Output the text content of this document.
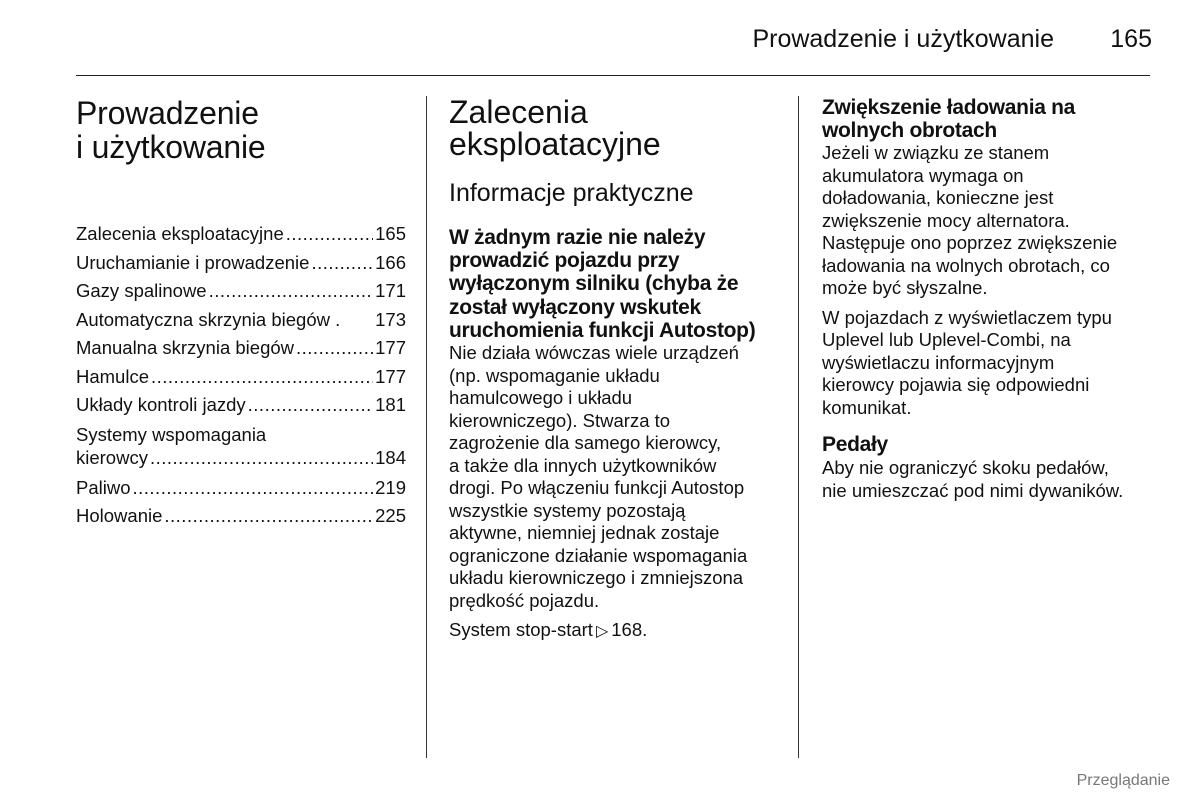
Prowadzenie i użytkowanie 165
Prowadzenie
i użytkowanie
Zalecenia eksploatacyjne .....	165
Uruchamianie i prowadzenie .....	166
Gazy spalinowe .....	171
Automatyczna skrzynia biegów . 173
Manualna skrzynia biegów .....	177
Hamulce .....	177
Układy kontroli jazdy .....	181
Systemy wspomagania
kierowcy .....	184
Paliwo .....	219
Holowanie .....	225
Zalecenia
eksploatacyjne
Informacje praktyczne
W żadnym razie nie należy
prowadzić pojazdu przy
wyłączonym silniku (chyba że
został wyłączony wskutek
uruchomienia funkcji Autostop)

Nie działa wówczas wiele urządzeń
(np. wspomaganie układu
hamulcowego i układu
kierowniczego). Stwarza to
zagrożenie dla samego kierowcy,
a także dla innych użytkowników
drogi. Po włączeniu funkcji Autostop
wszystkie systemy pozostają
aktywne, niemniej jednak zostaje
ograniczone działanie wspomagania
układu kierowniczego i zmniejszona
prędkość pojazdu.

System stop-start ▷ 168.

Zwiększenie ładowania na
wolnych obrotach

Jeżeli w związku ze stanem
akumulatora wymaga on
doładowania, konieczne jest
zwiększenie mocy alternatora.
Następuje ono poprzez zwiększenie
ładowania na wolnych obrotach, co
może być słyszalne.

W pojazdach z wyświetlaczem typu
Uplevel lub Uplevel-Combi, na
wyświetlaczu informacyjnym
kierowcy pojawia się odpowiedni
komunikat.

Pedały

Aby nie ograniczyć skoku pedałów,
nie umieszczać pod nimi dywaników.

Przeglądanie
